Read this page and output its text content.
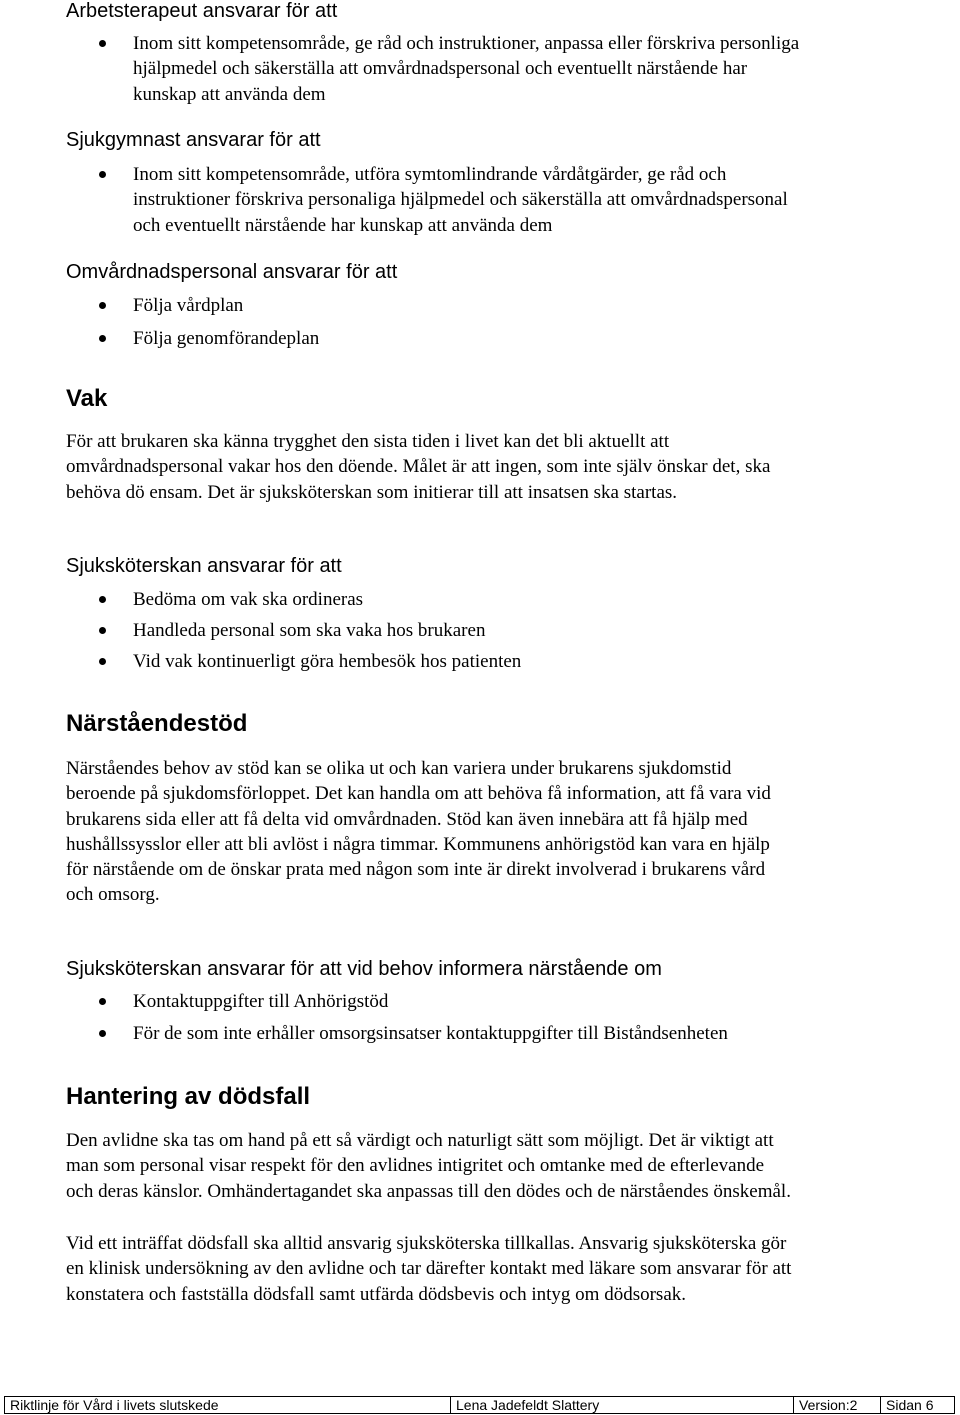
Arbetsterapeut ansvarar för att
Inom sitt kompetensområde, ge råd och instruktioner, anpassa eller förskriva personliga
hjälpmedel och säkerställa att omvårdnadspersonal och eventuellt närstående har
kunskap att använda dem
Sjukgymnast ansvarar för att
Inom sitt kompetensområde, utföra symtomlindrande vårdåtgärder, ge råd och
instruktioner förskriva personaliga hjälpmedel och säkerställa att omvårdnadspersonal
och eventuellt närstående har kunskap att använda dem
Omvårdnadspersonal ansvarar för att
Följa vårdplan
Följa genomförandeplan
Vak
För att brukaren ska känna trygghet den sista tiden i livet kan det bli aktuellt att
omvårdnadspersonal vakar hos den döende. Målet är att ingen, som inte själv önskar det, ska
behöva dö ensam. Det är sjuksköterskan som initierar till att insatsen ska startas.
Sjuksköterskan ansvarar för att
Bedöma om vak ska ordineras
Handleda personal som ska vaka hos brukaren
Vid vak kontinuerligt göra hembesök hos patienten
Närståendestöd
Närståendes behov av stöd kan se olika ut och kan variera under brukarens sjukdomstid
beroende på sjukdomsförloppet. Det kan handla om att behöva få information, att få vara vid
brukarens sida eller att få delta vid omvårdnaden. Stöd kan även innebära att få hjälp med
hushållssysslor eller att bli avlöst i några timmar. Kommunens anhörigstöd kan vara en hjälp
för närstående om de önskar prata med någon som inte är direkt involverad i brukarens vård
och omsorg.
Sjuksköterskan ansvarar för att vid behov informera närstående om
Kontaktuppgifter till Anhörigstöd
För de som inte erhåller omsorgsinsatser kontaktuppgifter till Biståndsenheten
Hantering av dödsfall
Den avlidne ska tas om hand på ett så värdigt och naturligt sätt som möjligt. Det är viktigt att
man som personal visar respekt för den avlidnes intigritet och omtanke med de efterlevande
och deras känslor. Omhändertagandet ska anpassas till den dödes och de närståendes önskemål.
Vid ett inträffat dödsfall ska alltid ansvarig sjuksköterska tillkallas. Ansvarig sjuksköterska gör
en klinisk undersökning av den avlidne och tar därefter kontakt med läkare som ansvarar för att
konstatera och fastställa dödsfall samt utfärda dödsbevis och intyg om dödsorsak.
Riktlinje för Vård i livets slutskede	Lena Jadefeldt Slattery	Version:2	Sidan 6
